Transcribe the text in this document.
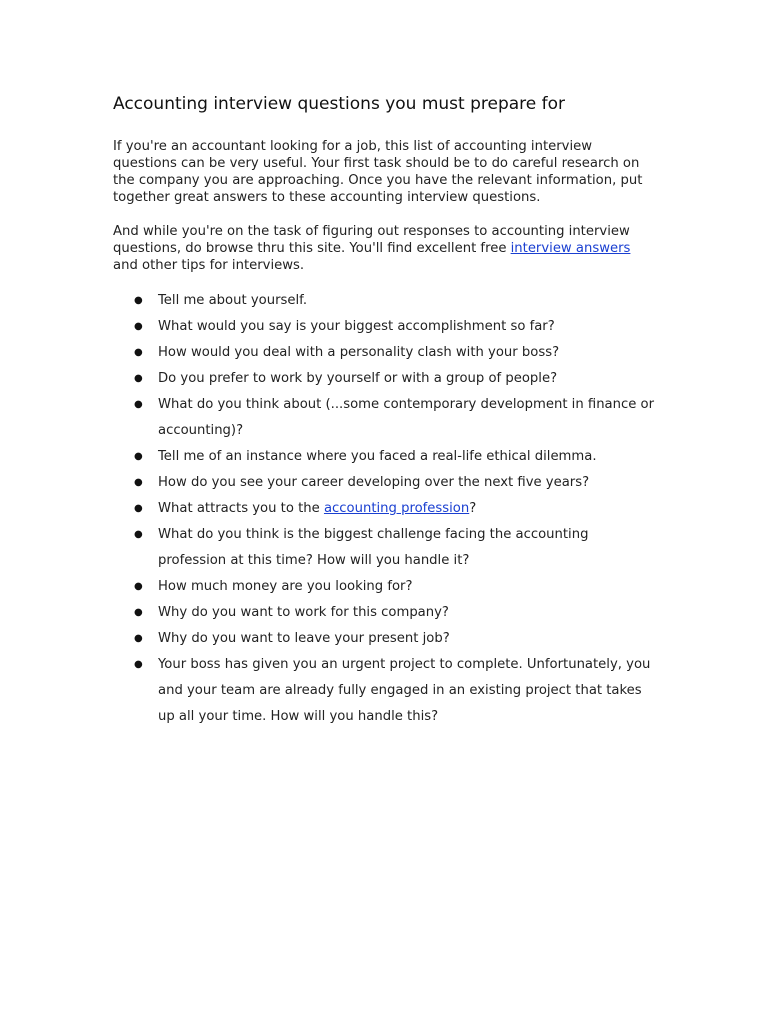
Accounting interview questions you must prepare for

If you're an accountant looking for a job, this list of accounting interview questions can be very useful. Your first task should be to do careful research on the company you are approaching. Once you have the relevant information, put together great answers to these accounting interview questions.

And while you're on the task of figuring out responses to accounting interview questions, do browse thru this site. You'll find excellent free interview answers and other tips for interviews.

● Tell me about yourself.
● What would you say is your biggest accomplishment so far?
● How would you deal with a personality clash with your boss?
● Do you prefer to work by yourself or with a group of people?
● What do you think about (...some contemporary development in finance or accounting)?
● Tell me of an instance where you faced a real-life ethical dilemma.
● How do you see your career developing over the next five years?
● What attracts you to the accounting profession?
● What do you think is the biggest challenge facing the accounting profession at this time? How will you handle it?
● How much money are you looking for?
● Why do you want to work for this company?
● Why do you want to leave your present job?
● Your boss has given you an urgent project to complete. Unfortunately, you and your team are already fully engaged in an existing project that takes up all your time. How will you handle this?
